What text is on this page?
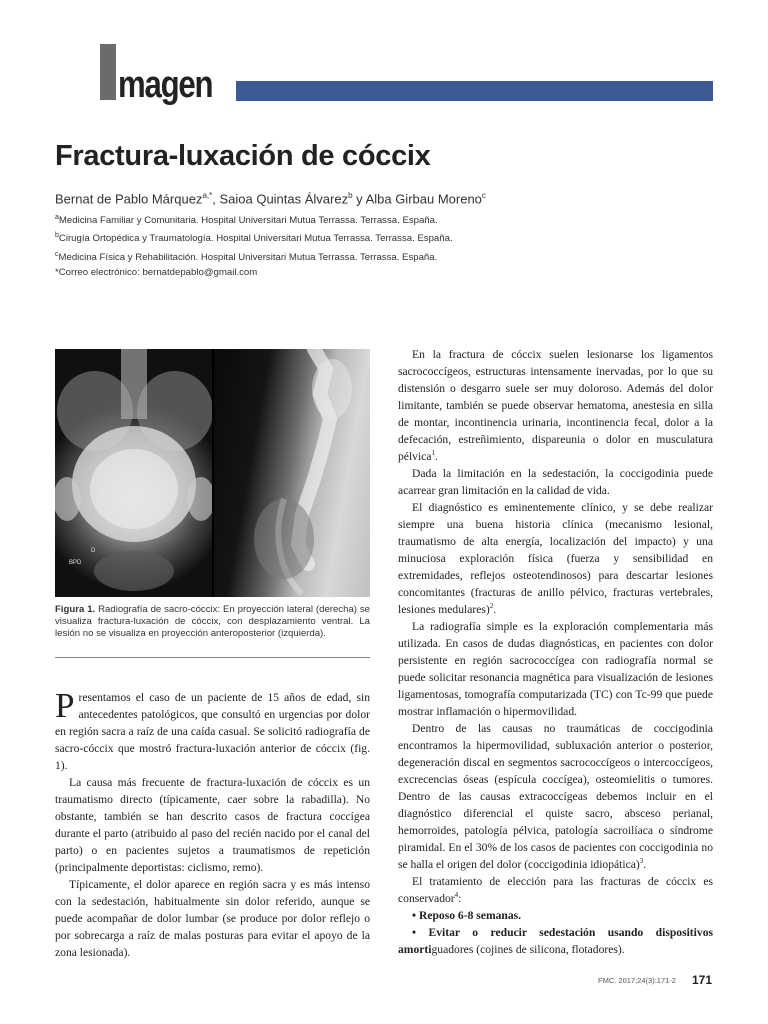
magen
Fractura-luxación de cóccix
Bernat de Pablo Márquez$^{a,*}$, Saioa Quintas Álvarez$^b$ y Alba Girbau Moreno$^c$
$^a$Medicina Familiar y Comunitaria. Hospital Universitari Mutua Terrassa. Terrassa. España.
$^b$Cirugía Ortopédica y Traumatología. Hospital Universitari Mutua Terrassa. Terrassa. España.
$^c$Medicina Física y Rehabilitación. Hospital Universitari Mutua Terrassa. Terrassa. España.
*Correo electrónico: bernatdepablo@gmail.com
D
BPD
Figura 1. Radiografía de sacro-cóccix: En proyección lateral (derecha) se visualiza fractura-luxación de cóccix, con desplazamiento ventral. La lesión no se visualiza en proyección anteroposterior (izquierda).

Presentamos el caso de un paciente de 15 años de edad, sin antecedentes patológicos, que consultó en urgencias por dolor en región sacra a raíz de una caída casual. Se solicitó radiografía de sacro-cóccix que mostró fractura-luxación anterior de cóccix (fig. 1).

La causa más frecuente de fractura-luxación de cóccix es un traumatismo directo (típicamente, caer sobre la rabadilla). No obstante, también se han descrito casos de fractura coccígea durante el parto (atribuido al paso del recién nacido por el canal del parto) o en pacientes sujetos a traumatismos de repetición (principalmente deportistas: ciclismo, remo).

Típicamente, el dolor aparece en región sacra y es más intenso con la sedestación, habitualmente sin dolor referido, aunque se puede acompañar de dolor lumbar (se produce por dolor reflejo o por sobrecarga a raíz de malas posturas para evitar el apoyo de la zona lesionada).

En la fractura de cóccix suelen lesionarse los ligamentos sacrococcígeos, estructuras intensamente inervadas, por lo que su distensión o desgarro suele ser muy doloroso. Además del dolor limitante, también se puede observar hematoma, anestesia en silla de montar, incontinencia urinaria, incontinencia fecal, dolor a la defecación, estreñimiento, dispareunia o dolor en musculatura pélvica$^1$.

Dada la limitación en la sedestación, la coccigodinia puede acarrear gran limitación en la calidad de vida.

El diagnóstico es eminentemente clínico, y se debe realizar siempre una buena historia clínica (mecanismo lesional, traumatismo de alta energía, localización del impacto) y una minuciosa exploración física (fuerza y sensibilidad en extremidades, reflejos osteotendinosos) para descartar lesiones concomitantes (fracturas de anillo pélvico, fracturas vertebrales, lesiones medulares)$^2$.

La radiografía simple es la exploración complementaria más utilizada. En casos de dudas diagnósticas, en pacientes con dolor persistente en región sacrococcígea con radiografía normal se puede solicitar resonancia magnética para visualización de lesiones ligamentosas, tomografía computarizada (TC) con Tc-99 que puede mostrar inflamación o hipermovilidad.

Dentro de las causas no traumáticas de coccigodinia encontramos la hipermovilidad, subluxación anterior o posterior, degeneración discal en segmentos sacrococcígeos o intercoccígeos, excrecencias óseas (espícula coccígea), osteomielitis o tumores. Dentro de las causas extracoccígeas debemos incluir en el diagnóstico diferencial el quiste sacro, absceso perianal, hemorroides, patología pélvica, patología sacroilíaca o síndrome piramidal. En el 30% de los casos de pacientes con coccigodinia no se halla el origen del dolor (coccigodinia idiopática)$^3$.

El tratamiento de elección para las fracturas de cóccix es conservador$^4$:

• Reposo 6-8 semanas.

• Evitar o reducir sedestación usando dispositivos amortiguadores (cojines de silicona, flotadores).

FMC. 2017;24(3):171-2 171
